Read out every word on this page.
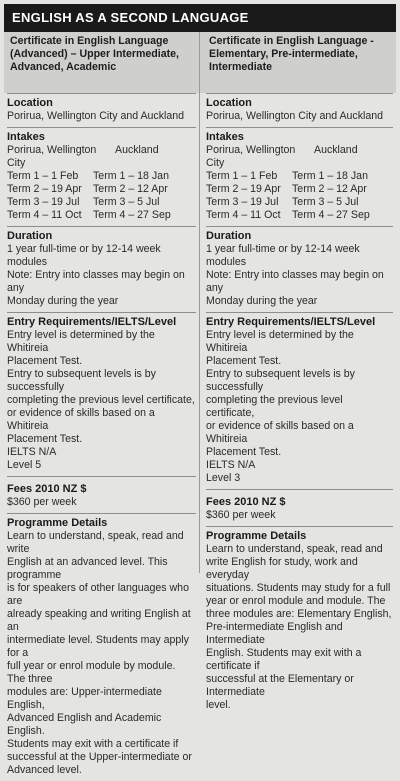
ENGLISH AS A SECOND LANGUAGE
Certificate in English Language (Advanced) – Upper Intermediate, Advanced, Academic
Location
Porirua, Wellington City and Auckland
Intakes
Porirua, Wellington City
Auckland
Term 1 – 1 Feb	Term 1 – 18 Jan
Term 2 – 19 Apr	Term 2 – 12 Apr
Term 3 – 19 Jul	Term 3 – 5 Jul
Term 4 – 11 Oct	Term 4 – 27 Sep
Duration
1 year full-time or by 12-14 week modules
Note: Entry into classes may begin on any
Monday during the year
Entry Requirements/IELTS/Level
Entry level is determined by the Whitireia
Placement Test.
Entry to subsequent levels is by successfully
completing the previous level certificate,
or evidence of skills based on a Whitireia
Placement Test.
IELTS N/A
Level 5
Fees 2010 NZ $
$360 per week
Programme Details
Learn to understand, speak, read and write
English at an advanced level. This programme
is for speakers of other languages who are
already speaking and writing English at an
intermediate level. Students may apply for a
full year or enrol module by module. The three
modules are: Upper-intermediate English,
Advanced English and Academic English.
Students may exit with a certificate if
successful at the Upper-intermediate or
Advanced level.
Certificate in English Language - Elementary, Pre-intermediate, Intermediate
Location
Porirua, Wellington City and Auckland
Intakes
Porirua, Wellington City
Auckland
Term 1 – 1 Feb	Term 1 – 18 Jan
Term 2 – 19 Apr	Term 2 – 12 Apr
Term 3 – 19 Jul	Term 3 – 5 Jul
Term 4 – 11 Oct	Term 4 – 27 Sep
Duration
1 year full-time or by 12-14 week modules
Note: Entry into classes may begin on any
Monday during the year
Entry Requirements/IELTS/Level
Entry level is determined by the Whitireia
Placement Test.
Entry to subsequent levels is by successfully
completing the previous level certificate,
or evidence of skills based on a Whitireia
Placement Test.
IELTS N/A
Level 3
Fees 2010 NZ $
$360 per week
Programme Details
Learn to understand, speak, read and
write English for study, work and everyday
situations. Students may study for a full
year or enrol module and module. The
three modules are: Elementary English,
Pre-intermediate English and Intermediate
English. Students may exit with a certificate if
successful at the Elementary or Intermediate
level.
